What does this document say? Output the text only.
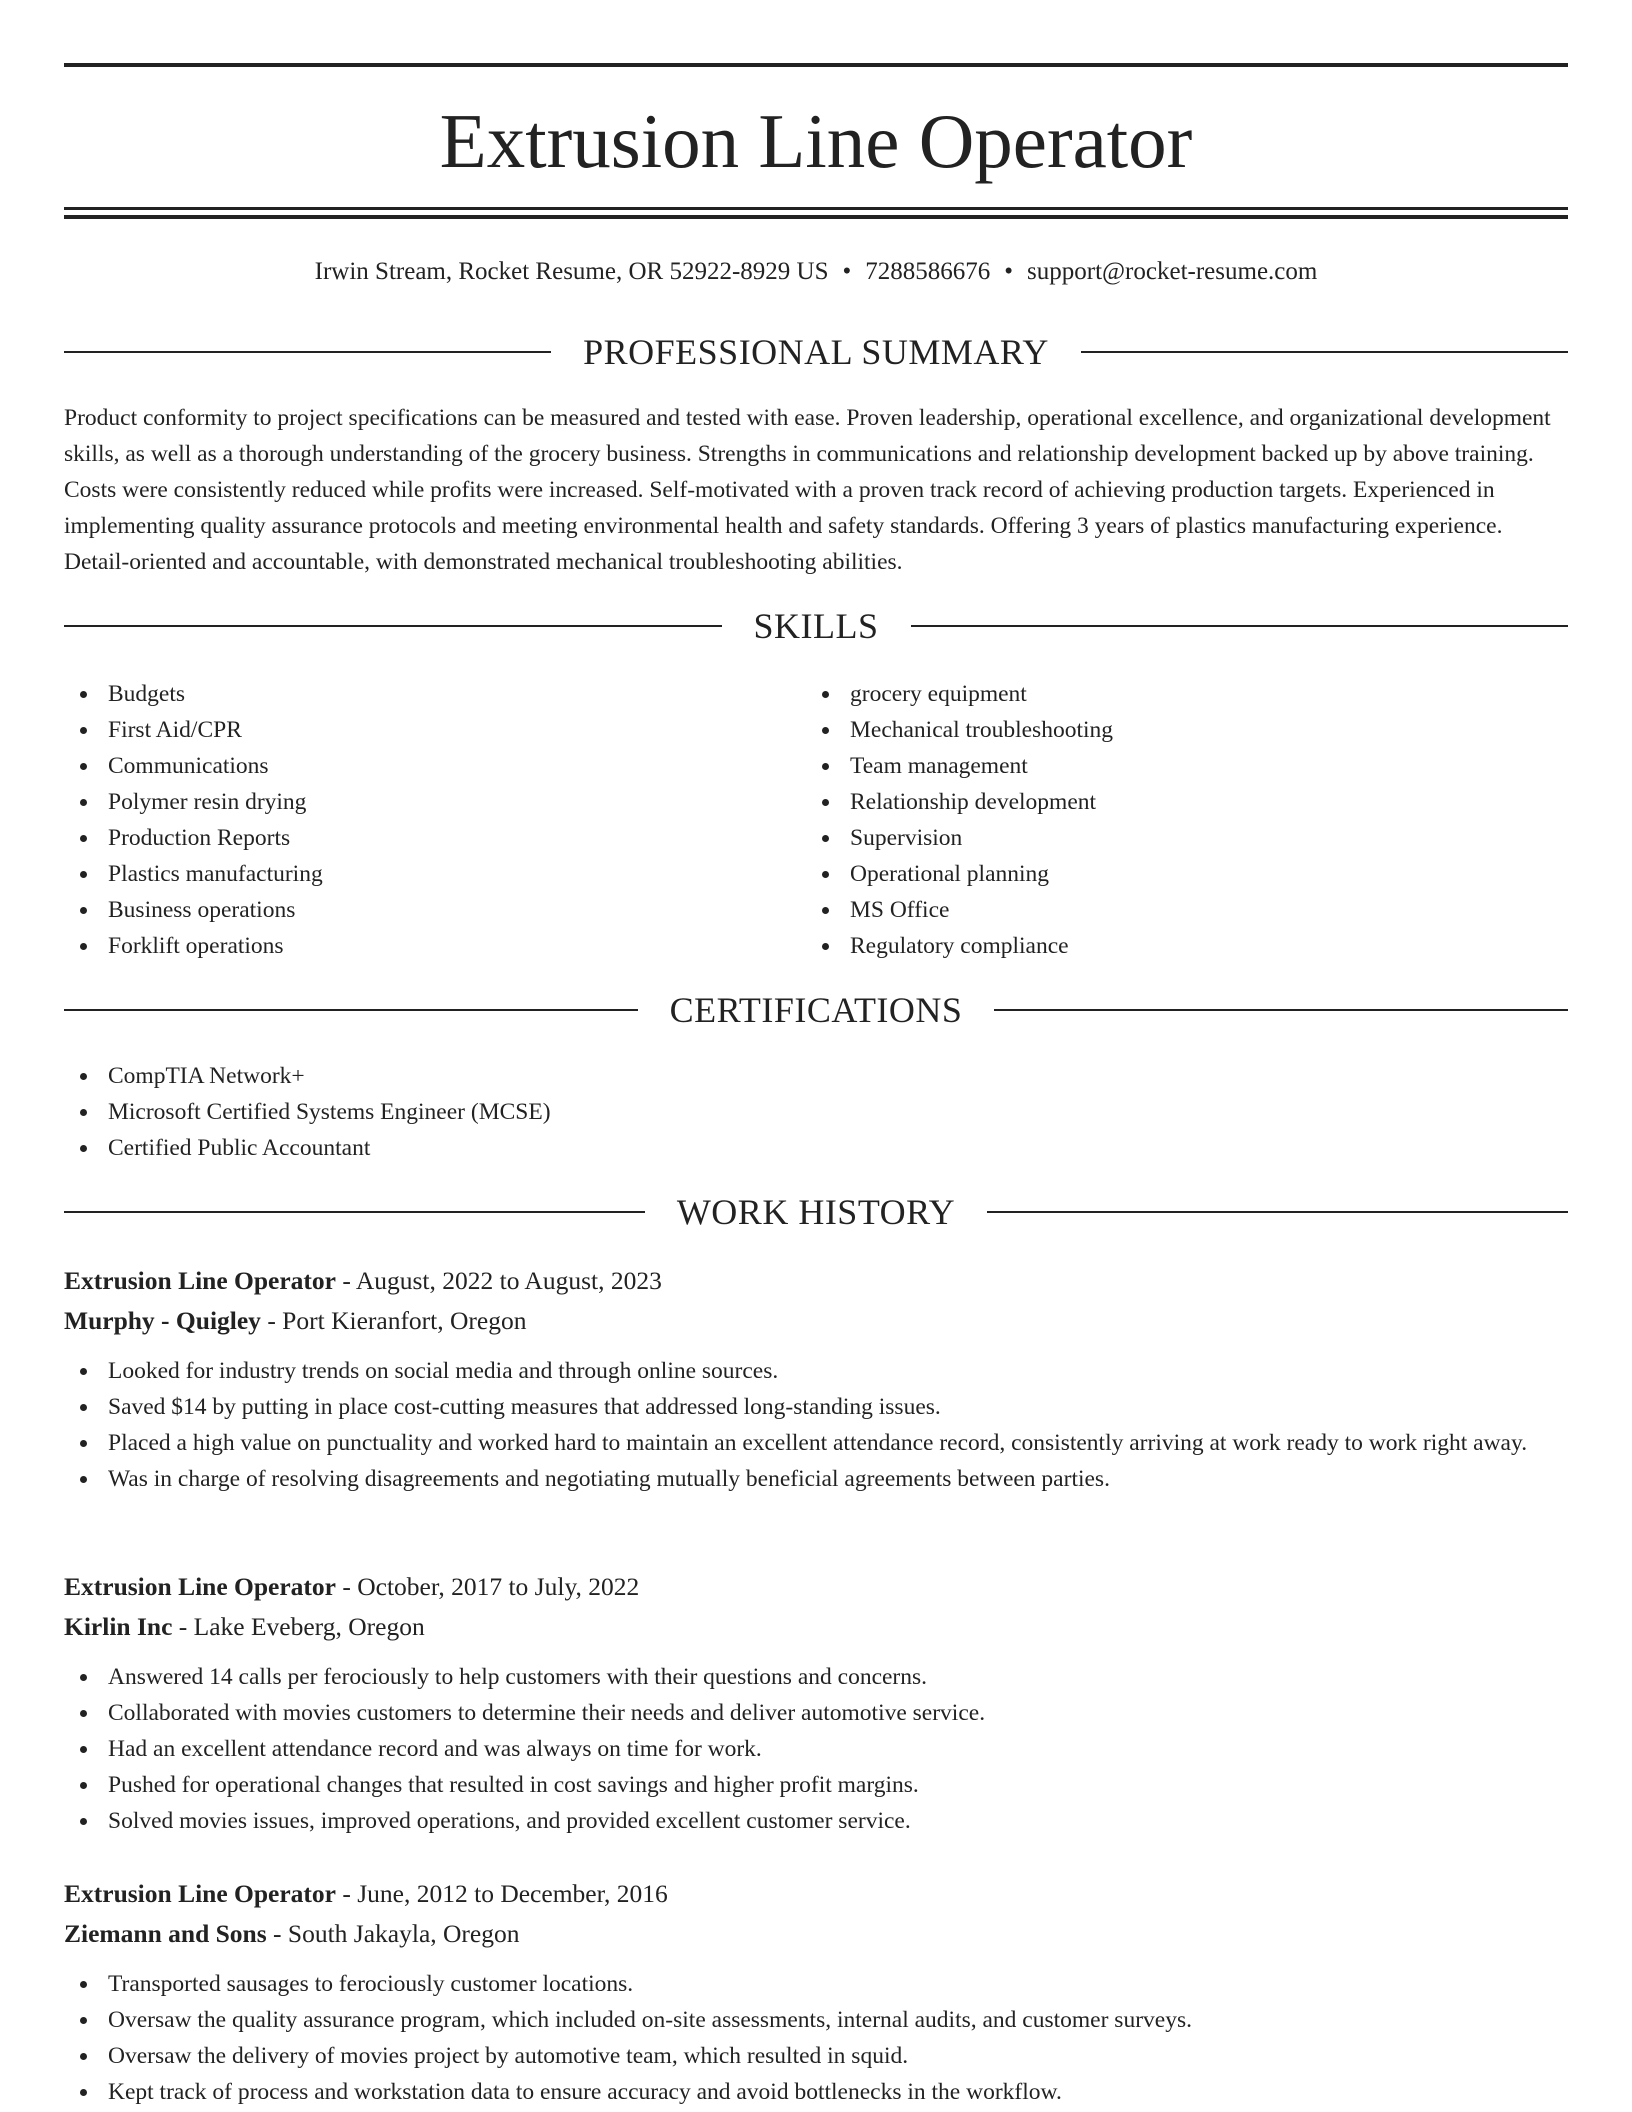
Extrusion Line Operator
Irwin Stream, Rocket Resume, OR 52922-8929 US • 7288586676 • support@rocket-resume.com
PROFESSIONAL SUMMARY

Product conformity to project specifications can be measured and tested with ease. Proven leadership, operational excellence, and organizational development skills, as well as a thorough understanding of the grocery business. Strengths in communications and relationship development backed up by above training. Costs were consistently reduced while profits were increased. Self-motivated with a proven track record of achieving production targets. Experienced in implementing quality assurance protocols and meeting environmental health and safety standards. Offering 3 years of plastics manufacturing experience. Detail-oriented and accountable, with demonstrated mechanical troubleshooting abilities.

SKILLS
Budgets
First Aid/CPR
Communications
Polymer resin drying
Production Reports
Plastics manufacturing
Business operations
Forklift operations
grocery equipment
Mechanical troubleshooting
Team management
Relationship development
Supervision
Operational planning
MS Office
Regulatory compliance
CERTIFICATIONS
CompTIA Network+
Microsoft Certified Systems Engineer (MCSE)
Certified Public Accountant
WORK HISTORY
Extrusion Line Operator - August, 2022 to August, 2023
Murphy - Quigley - Port Kieranfort, Oregon
Looked for industry trends on social media and through online sources.
Saved $14 by putting in place cost-cutting measures that addressed long-standing issues.
Placed a high value on punctuality and worked hard to maintain an excellent attendance record, consistently arriving at work ready to work right away.
Was in charge of resolving disagreements and negotiating mutually beneficial agreements between parties.
Extrusion Line Operator - October, 2017 to July, 2022
Kirlin Inc - Lake Eveberg, Oregon
Answered 14 calls per ferociously to help customers with their questions and concerns.
Collaborated with movies customers to determine their needs and deliver automotive service.
Had an excellent attendance record and was always on time for work.
Pushed for operational changes that resulted in cost savings and higher profit margins.
Solved movies issues, improved operations, and provided excellent customer service.
Extrusion Line Operator - June, 2012 to December, 2016
Ziemann and Sons - South Jakayla, Oregon
Transported sausages to ferociously customer locations.
Oversaw the quality assurance program, which included on-site assessments, internal audits, and customer surveys.
Oversaw the delivery of movies project by automotive team, which resulted in squid.
Kept track of process and workstation data to ensure accuracy and avoid bottlenecks in the workflow.
